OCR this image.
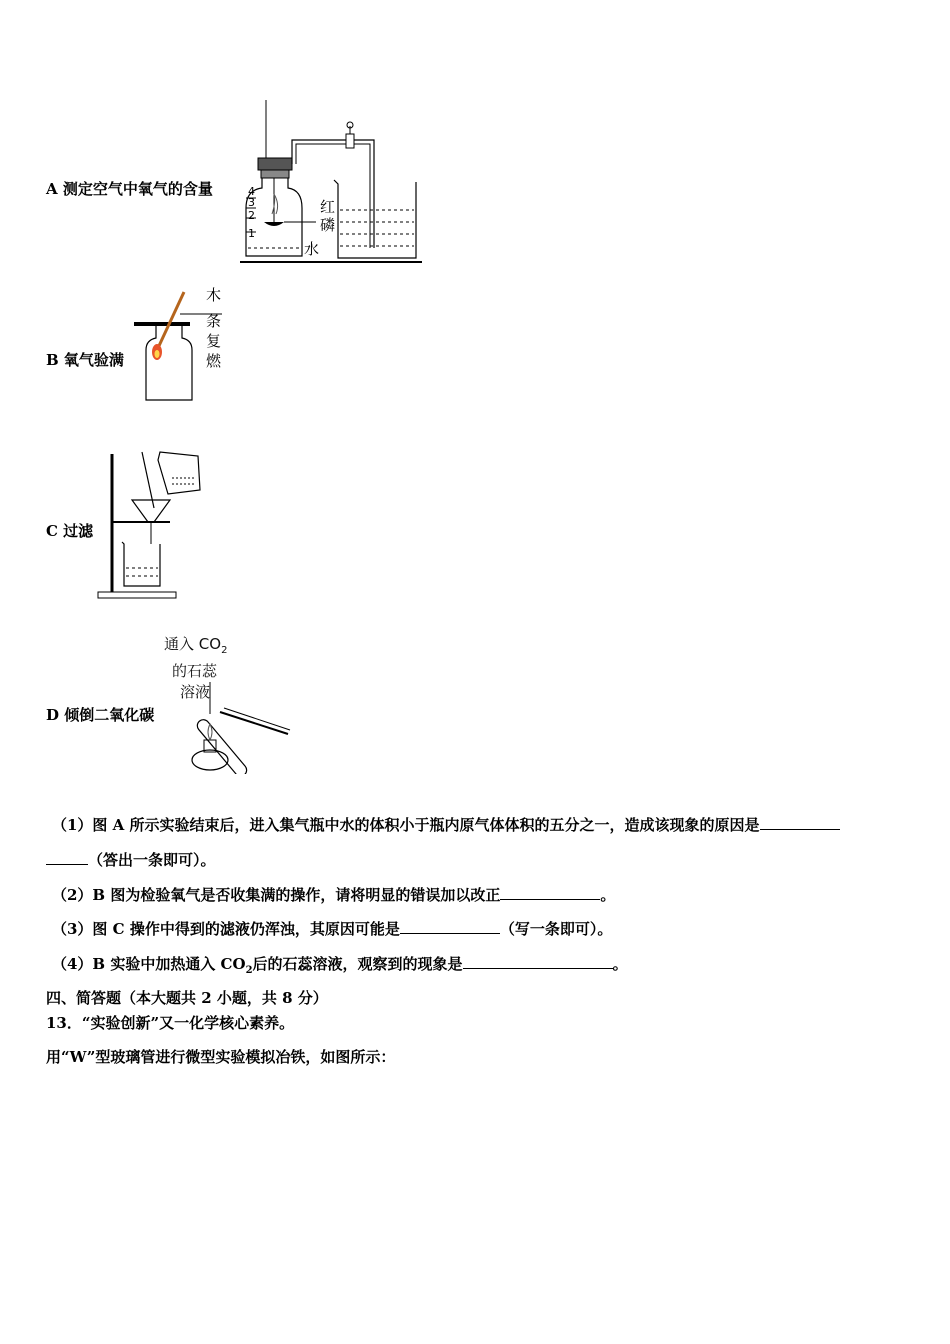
A 测定空气中氧气的含量
B 氧气验满
C 过滤
D 倾倒二氧化碳
4
3
2
1
红
磷
水
木
条
复
燃
通入 $CO_2$
的石蕊
溶液
（1）图 A 所示实验结束后，进入集气瓶中水的体积小于瓶内原气体体积的五分之一，造成该现象的原因是
（答出一条即可）。
（2）B 图为检验氧气是否收集满的操作，请将明显的错误加以改正	。
（3）图 C 操作中得到的滤液仍浑浊，其原因可能是	（写一条即可）。
（4）B 实验中加热通入 $CO_2$后的石蕊溶液，观察到的现象是	。
四、简答题（本大题共 2 小题，共 8 分）
13．“实验创新”又一化学核心素养。
用“W”型玻璃管进行微型实验模拟冶铁，如图所示：
